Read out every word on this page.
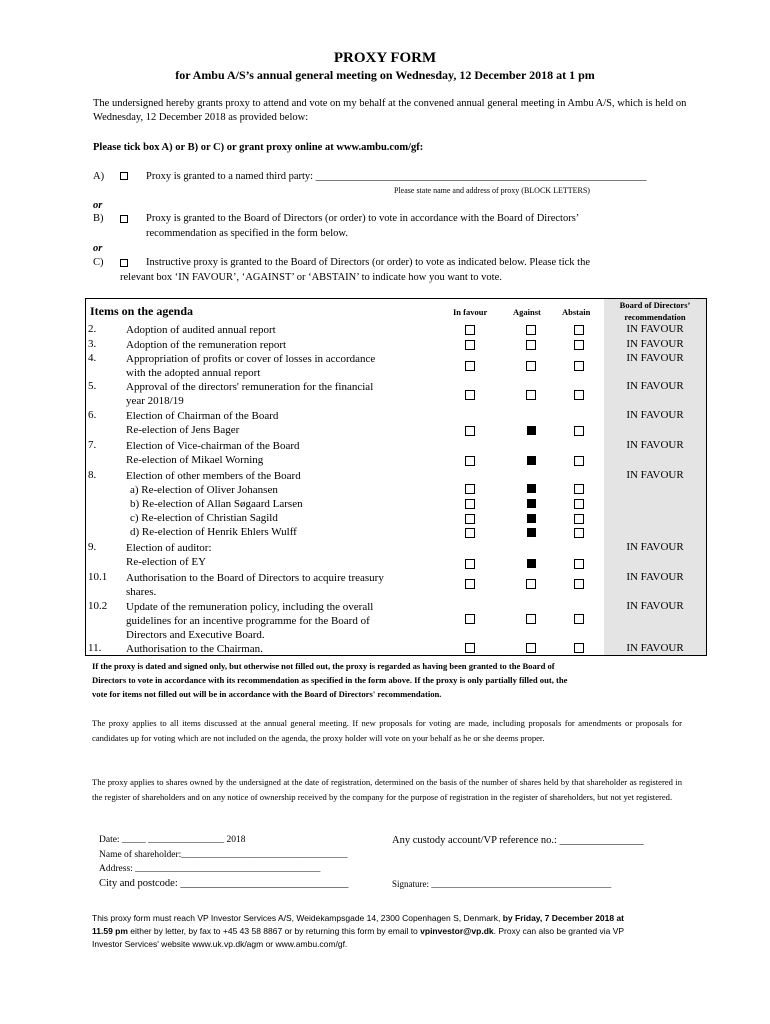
PROXY FORM
for Ambu A/S’s annual general meeting on Wednesday, 12 December 2018 at 1 pm
The undersigned hereby grants proxy to attend and vote on my behalf at the convened annual general meeting in Ambu A/S, which is held on Wednesday, 12 December 2018 as provided below:
Please tick box A) or B) or C) or grant proxy online at www.ambu.com/gf:
A)	Proxy is granted to a named third party: _______________________________________________________________
Please state name and address of proxy (BLOCK LETTERS)
or
B)	Proxy is granted to the Board of Directors (or order) to vote in accordance with the Board of Directors’
recommendation as specified in the form below.
or
C)	Instructive proxy is granted to the Board of Directors (or order) to vote as indicated below. Please tick the
relevant box ‘IN FAVOUR’, ‘AGAINST’ or ‘ABSTAIN’ to indicate how you want to vote.
Items on the agenda	In favour	Against Abstain
Board of Directors’
recommendation
2.	Adoption of audited annual report	IN FAVOUR
3.	Adoption of the remuneration report	IN FAVOUR
4.	Appropriation of profits or cover of losses in accordance
with the adopted annual report
IN FAVOUR
5.	Approval of the directors' remuneration for the financial
year 2018/19
IN FAVOUR
6.	Election of Chairman of the Board
Re-election of Jens Bager
IN FAVOUR
7.	Election of Vice-chairman of the Board
Re-election of Mikael Worning
IN FAVOUR
8.	Election of other members of the Board
a) Re-election of Oliver Johansen
b) Re-election of Allan Søgaard Larsen
c) Re-election of Christian Sagild
d) Re-election of Henrik Ehlers Wulff
IN FAVOUR
9.	Election of auditor:
Re-election of EY
IN FAVOUR
10.1 Authorisation to the Board of Directors to acquire treasury
shares.
IN FAVOUR
10.2 Update of the remuneration policy, including the overall
guidelines for an incentive programme for the Board of
Directors and Executive Board.
IN FAVOUR
11. Authorisation to the Chairman.	IN FAVOUR
If the proxy is dated and signed only, but otherwise not filled out, the proxy is regarded as having been granted to the Board of
Directors to vote in accordance with its recommendation as specified in the form above. If the proxy is only partially filled out, the
vote for items not filled out will be in accordance with the Board of Directors' recommendation.
The proxy applies to all items discussed at the annual general meeting. If new proposals for voting are made, including proposals for amendments or proposals for candidates up for voting which are not included on the agenda, the proxy holder will vote on your behalf as he or she deems proper.
The proxy applies to shares owned by the undersigned at the date of registration, determined on the basis of the number of shares held by that shareholder as registered in the register of shareholders and on any notice of ownership received by the company for the purpose of registration in the register of shareholders, but not yet registered.
Date: _____ ________________ 2018
Name of shareholder:___________________________________
Address: _______________________________________
City and postcode: ________________________________
Any custody account/VP reference no.: ________________
Signature: ________________________________________
This proxy form must reach VP Investor Services A/S, Weidekampsgade 14, 2300 Copenhagen S, Denmark, by Friday, 7 December 2018 at
11.59 pm either by letter, by fax to +45 43 58 8867 or by returning this form by email to vpinvestor@vp.dk. Proxy can also be granted via VP
Investor Services' website www.uk.vp.dk/agm or www.ambu.com/gf.
